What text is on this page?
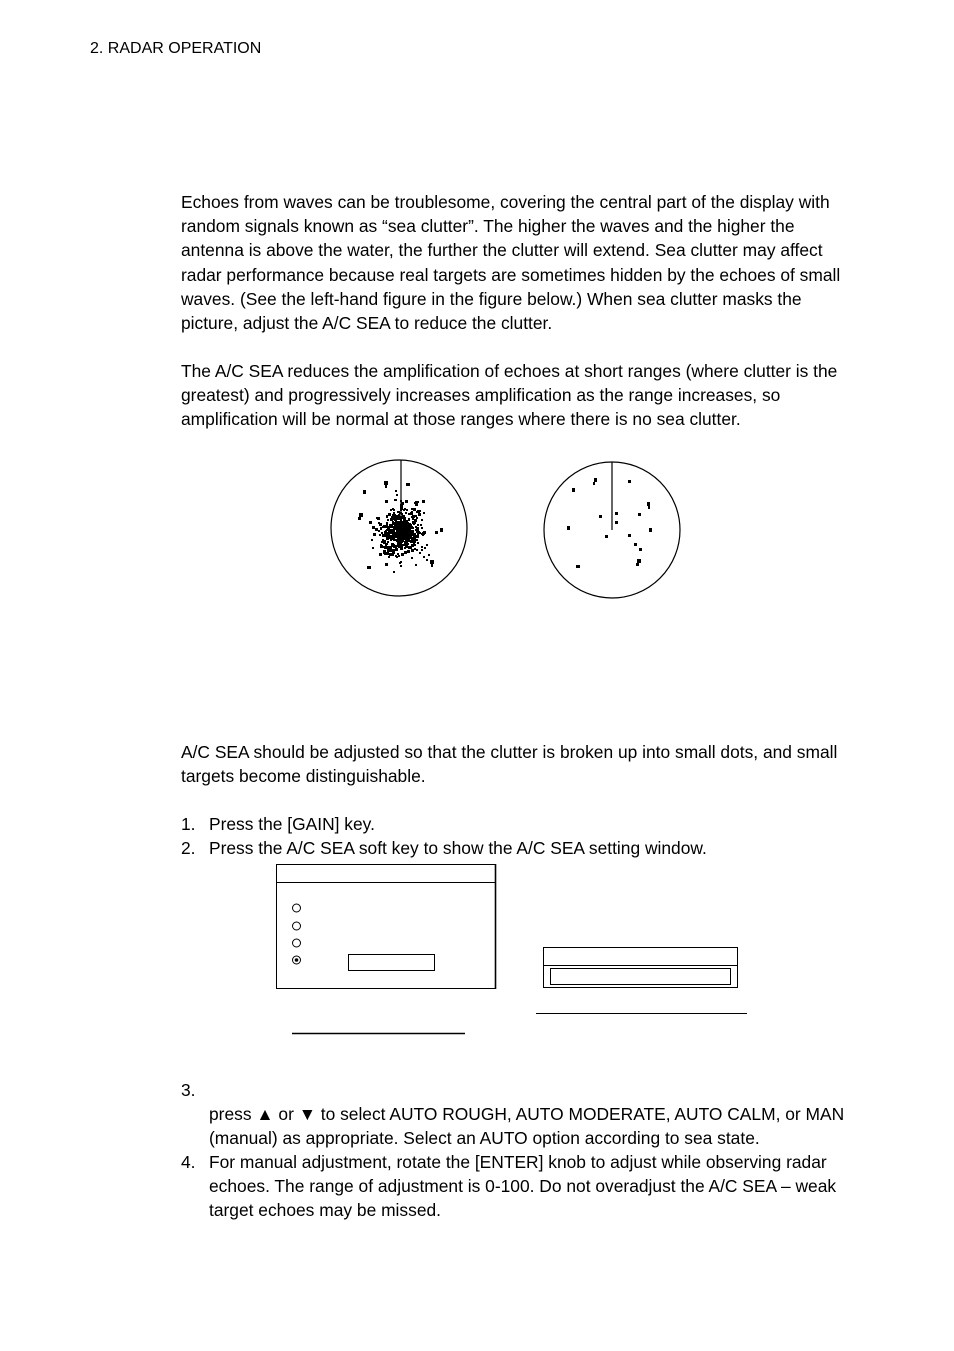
2. RADAR OPERATION

Echoes from waves can be troublesome, covering the central part of the display with random signals known as “sea clutter”. The higher the waves and the higher the antenna is above the water, the further the clutter will extend. Sea clutter may affect radar performance because real targets are sometimes hidden by the echoes of small waves. (See the left-hand figure in the figure below.) When sea clutter masks the picture, adjust the A/C SEA to reduce the clutter.

The A/C SEA reduces the amplification of echoes at short ranges (where clutter is the greatest) and progressively increases amplification as the range increases, so amplification will be normal at those ranges where there is no sea clutter.

A/C SEA should be adjusted so that the clutter is broken up into small dots, and small targets become distinguishable.

1. Press the [GAIN] key.
2. Press the A/C SEA soft key to show the A/C SEA setting window.
3.
press ▲ or ▼ to select AUTO ROUGH, AUTO MODERATE, AUTO CALM, or MAN (manual) as appropriate. Select an AUTO option according to sea state.
4. For manual adjustment, rotate the [ENTER] knob to adjust while observing radar echoes. The range of adjustment is 0-100. Do not overadjust the A/C SEA – weak target echoes may be missed.
